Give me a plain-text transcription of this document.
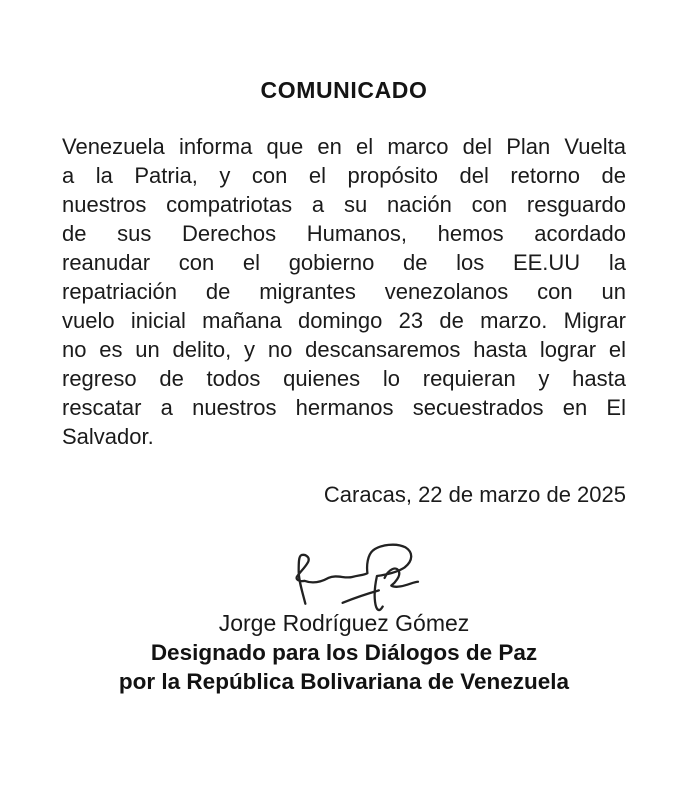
COMUNICADO
Venezuela informa que en el marco del Plan Vuelta
a la Patria, y con el propósito del retorno de
nuestros compatriotas a su nación con resguardo
de sus Derechos Humanos, hemos acordado
reanudar con el gobierno de los EE.UU la
repatriación de migrantes venezolanos con un
vuelo inicial mañana domingo 23 de marzo. Migrar
no es un delito, y no descansaremos hasta lograr el
regreso de todos quienes lo requieran y hasta
rescatar a nuestros hermanos secuestrados en El
Salvador.
Caracas, 22 de marzo de 2025
Jorge Rodríguez Gómez
Designado para los Diálogos de Paz
por la República Bolivariana de Venezuela
